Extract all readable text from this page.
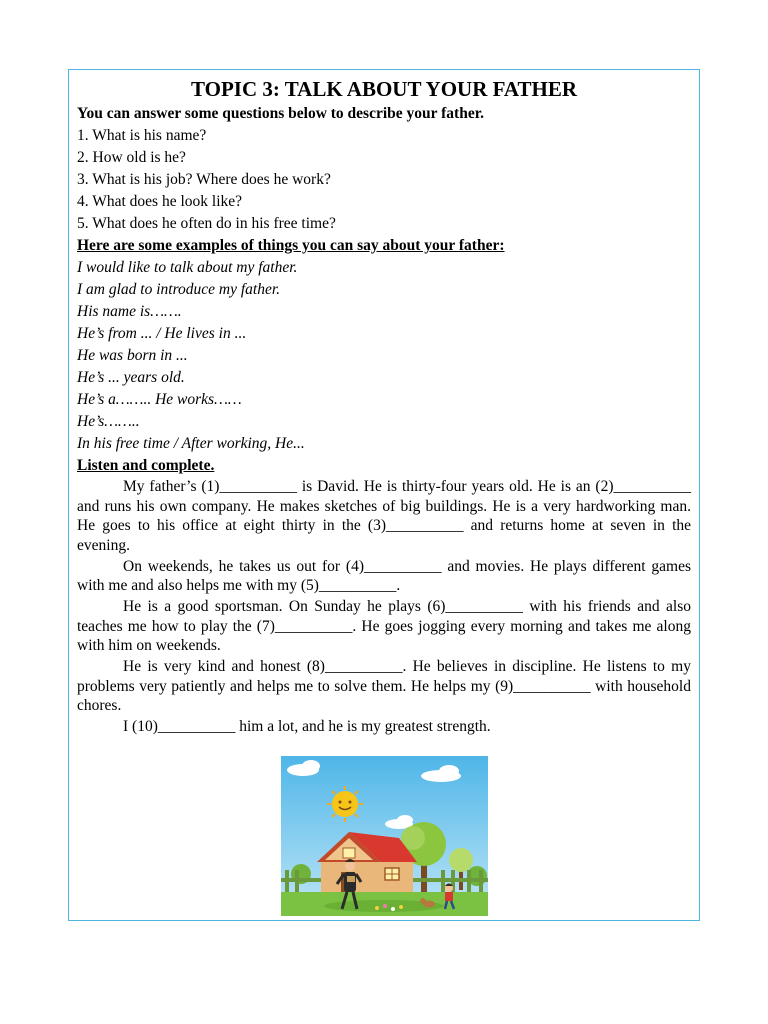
TOPIC 3: TALK ABOUT YOUR FATHER
You can answer some questions below to describe your father.
1. What is his name?
2. How old is he?
3. What is his job? Where does he work?
4. What does he look like?
5. What does he often do in his free time?
Here are some examples of things you can say about your father:
I would like to talk about my father.
I am glad to introduce my father.
His name is…….
He’s from ... / He lives in ...
He was born in ...
He’s ... years old.
He’s a…….. He works……
He’s……..
In his free time / After working, He...
Listen and complete.

My father’s (1)__________ is David. He is thirty-four years old. He is an (2)__________ and runs his own company. He makes sketches of big buildings. He is a very hardworking man. He goes to his office at eight thirty in the (3)__________ and returns home at seven in the evening.

On weekends, he takes us out for (4)__________ and movies. He plays different games with me and also helps me with my (5)__________.

He is a good sportsman. On Sunday he plays (6)__________ with his friends and also teaches me how to play the (7)__________. He goes jogging every morning and takes me along with him on weekends.

He is very kind and honest (8)__________. He believes in discipline. He listens to my problems very patiently and helps me to solve them. He helps my (9)__________ with household chores.

I (10)__________ him a lot, and he is my greatest strength.
